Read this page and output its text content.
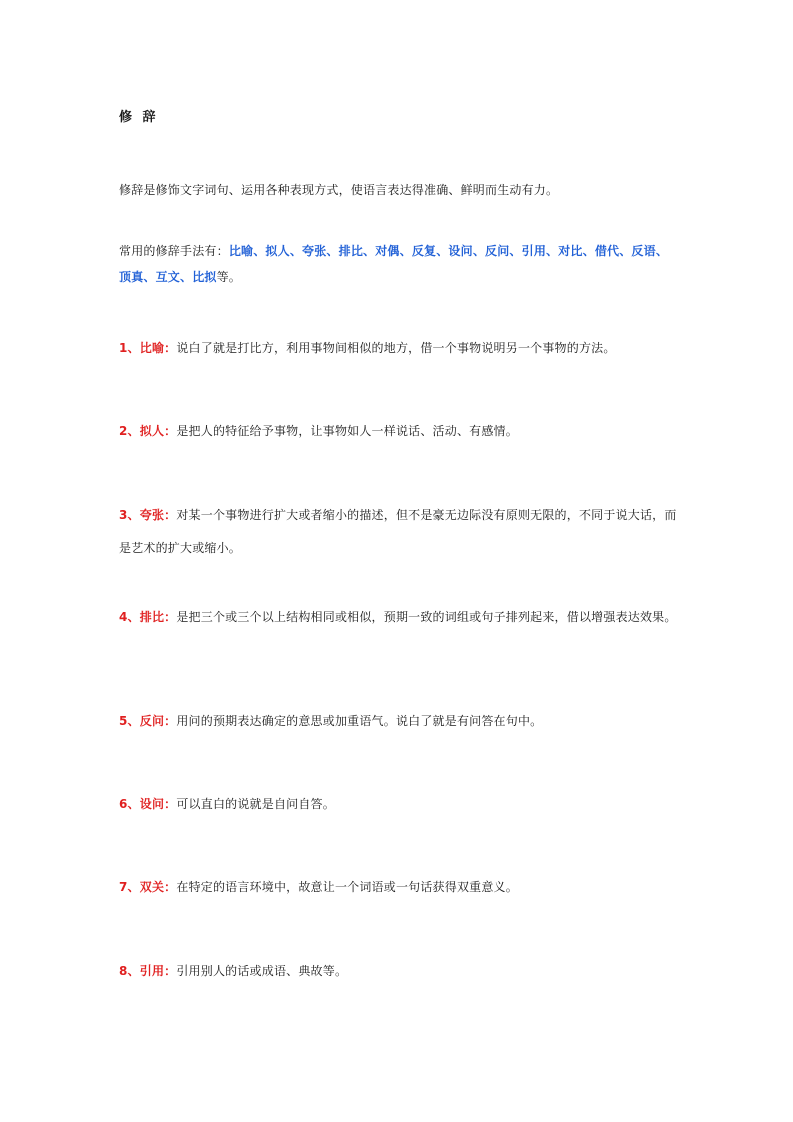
修 辞
修辞是修饰文字词句、运用各种表现方式，使语言表达得准确、鲜明而生动有力。
常用的修辞手法有：比喻、拟人、夸张、排比、对偶、反复、设问、反问、引用、对比、借代、反语、顶真、互文、比拟等。
1、比喻：说白了就是打比方，利用事物间相似的地方，借一个事物说明另一个事物的方法。
2、拟人：是把人的特征给予事物，让事物如人一样说话、活动、有感情。
3、夸张：对某一个事物进行扩大或者缩小的描述，但不是豪无边际没有原则无限的，不同于说大话，而是艺术的扩大或缩小。
4、排比：是把三个或三个以上结构相同或相似，预期一致的词组或句子排列起来，借以增强表达效果。
5、反问：用问的预期表达确定的意思或加重语气。说白了就是有问答在句中。
6、设问：可以直白的说就是自问自答。
7、双关：在特定的语言环境中，故意让一个词语或一句话获得双重意义。
8、引用：引用别人的话或成语、典故等。
